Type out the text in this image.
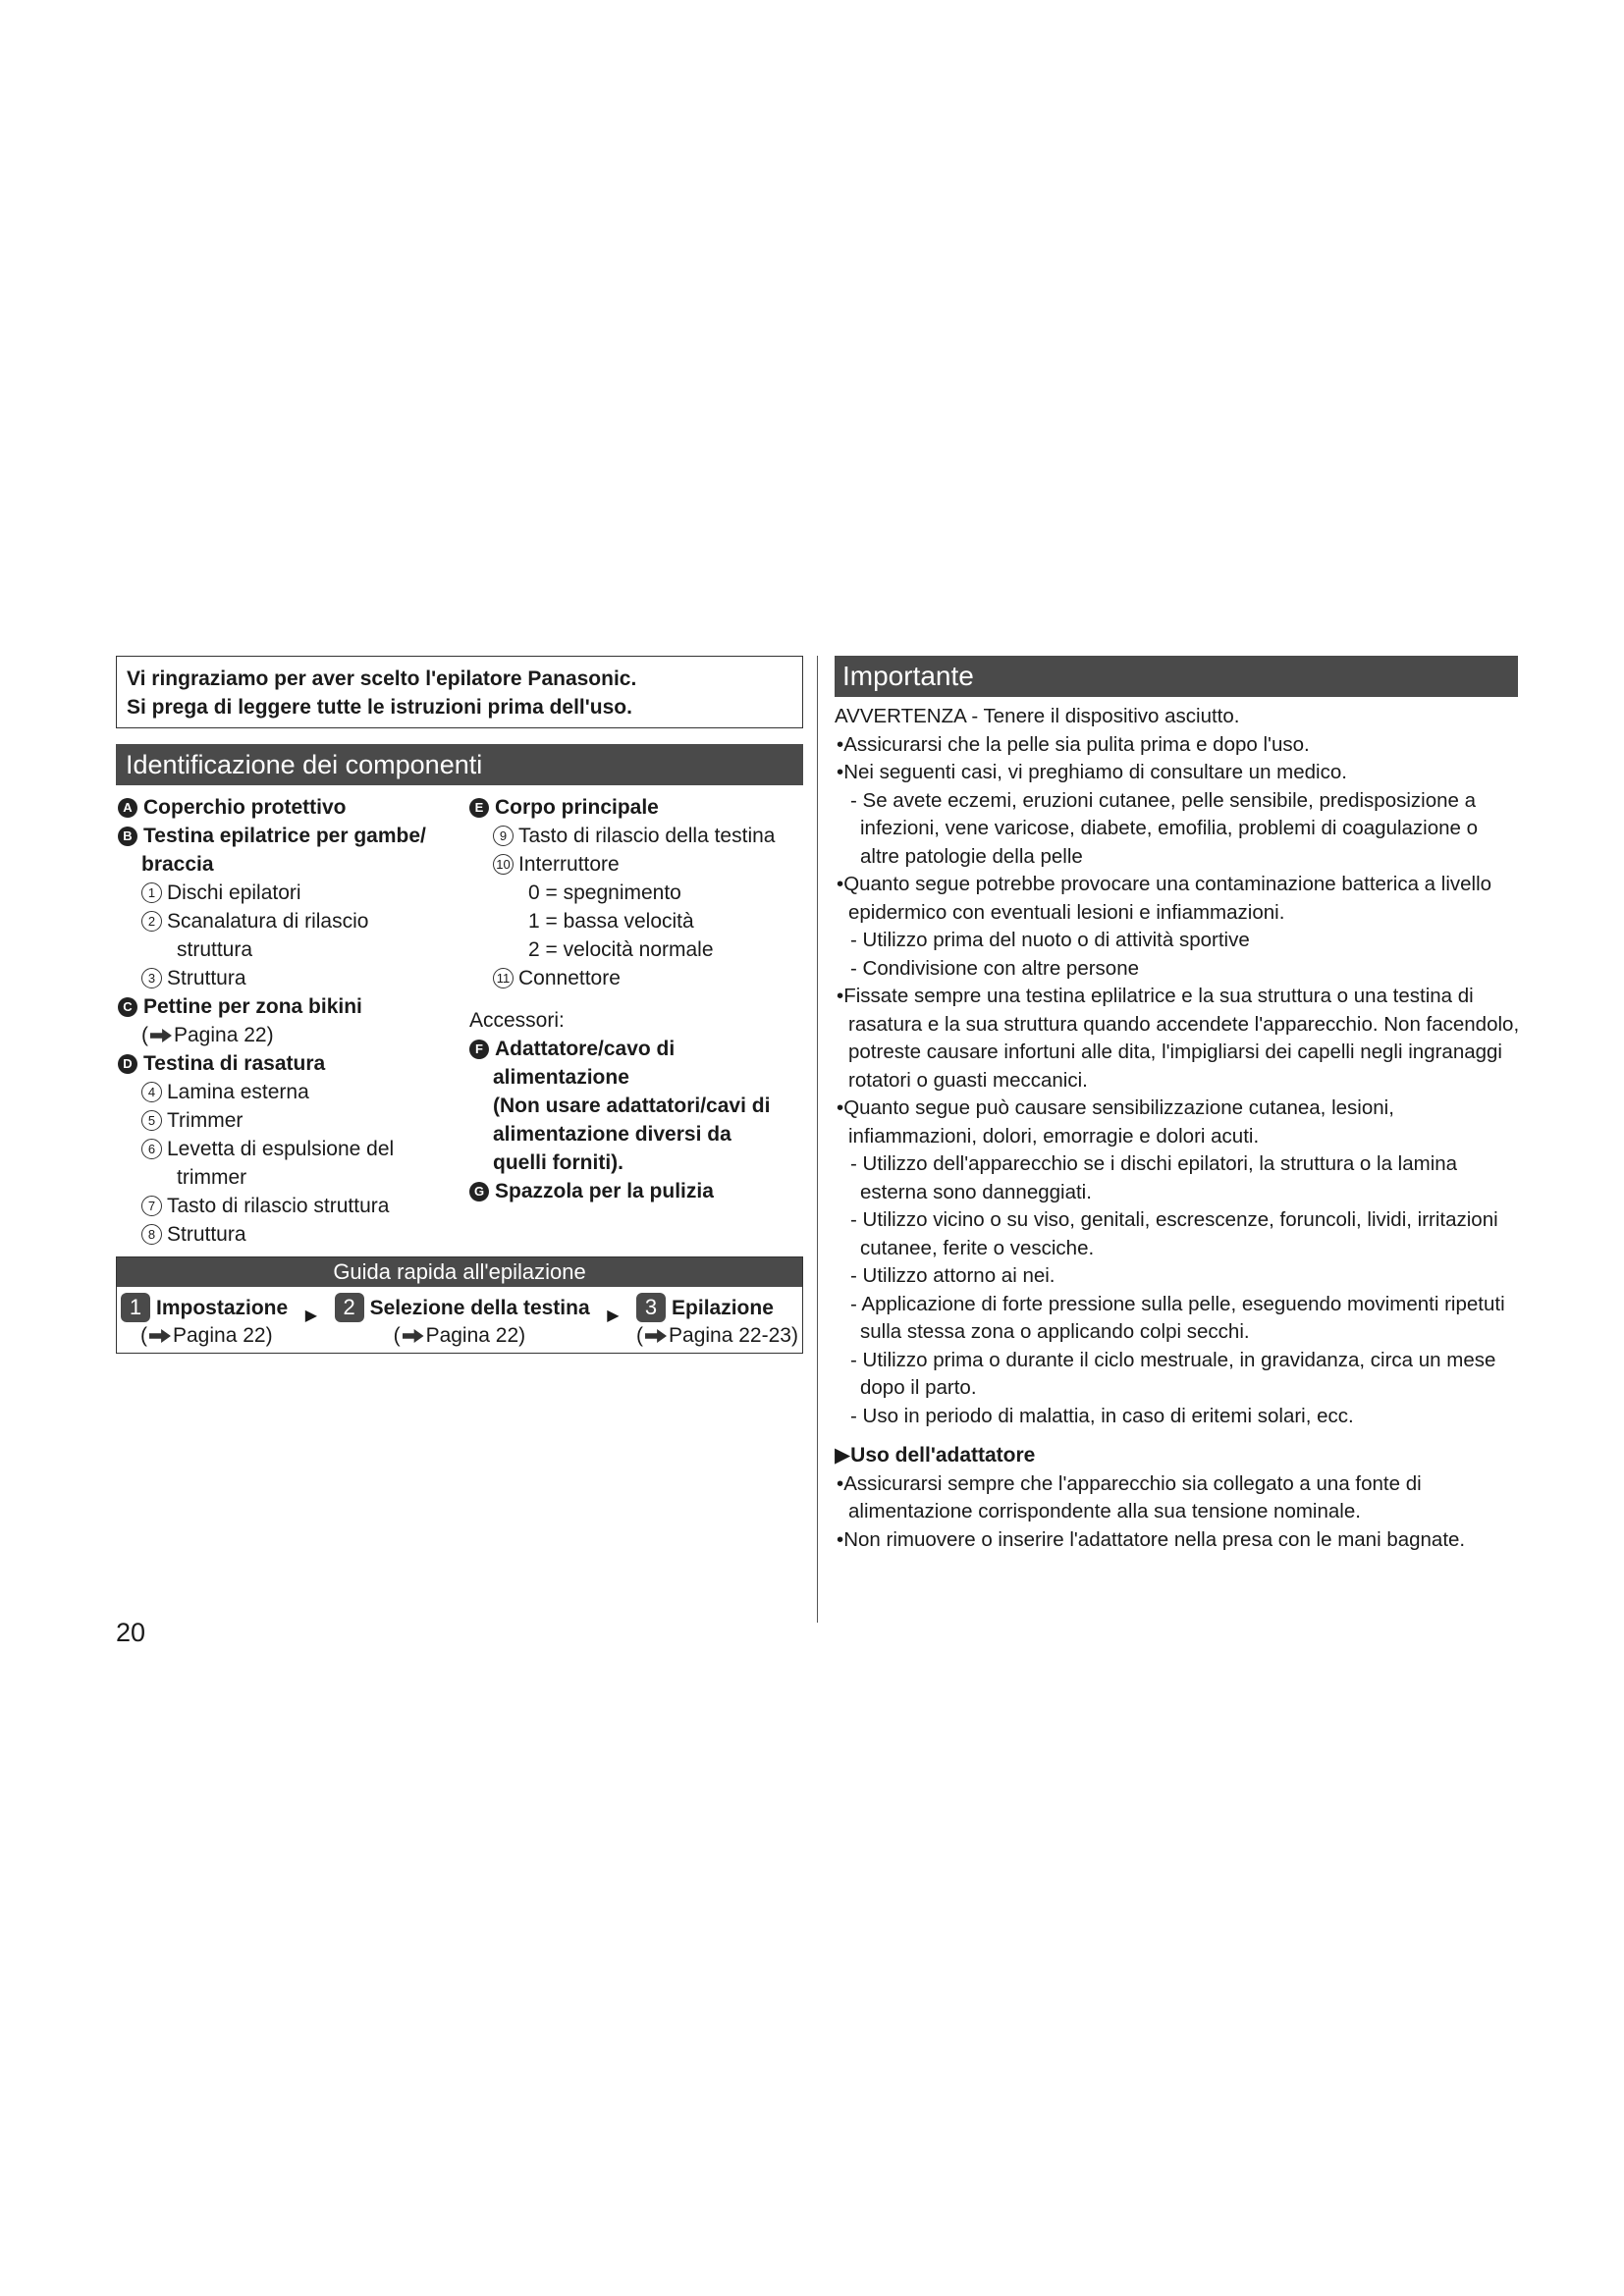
Vi ringraziamo per aver scelto l'epilatore Panasonic.
Si prega di leggere tutte le istruzioni prima dell'uso.
Identificazione dei componenti
A Coperchio protettivo
B Testina epilatrice per gambe/
braccia
1 Dischi epilatori
2 Scanalatura di rilascio
struttura
3 Struttura
C Pettine per zona bikini
( Pagina 22)
D Testina di rasatura
4 Lamina esterna
5 Trimmer
6 Levetta di espulsione del
trimmer
7 Tasto di rilascio struttura
8 Struttura
E Corpo principale
9 Tasto di rilascio della testina
10 Interruttore
0 = spegnimento
1 = bassa velocità
2 = velocità normale
11 Connettore
Accessori:
F Adattatore/cavo di
alimentazione
(Non usare adattatori/cavi di
alimentazione diversi da
quelli forniti).
G Spazzola per la pulizia
Guida rapida all'epilazione
1 Impostazione
( Pagina 22)
▶	2 Selezione della testina
( Pagina 22)
▶	3 Epilazione
( Pagina 22-23)
Importante
AVVERTENZA - Tenere il dispositivo asciutto.
•Assicurarsi che la pelle sia pulita prima e dopo l'uso.
•Nei seguenti casi, vi preghiamo di consultare un medico.
- Se avete eczemi, eruzioni cutanee, pelle sensibile, predisposizione a infezioni, vene varicose, diabete, emofilia, problemi di coagulazione o altre patologie della pelle
•Quanto segue potrebbe provocare una contaminazione batterica a livello epidermico con eventuali lesioni e infiammazioni.
- Utilizzo prima del nuoto o di attività sportive
- Condivisione con altre persone
•Fissate sempre una testina eplilatrice e la sua struttura o una testina di rasatura e la sua struttura quando accendete l'apparecchio. Non facendolo, potreste causare infortuni alle dita, l'impigliarsi dei capelli negli ingranaggi rotatori o guasti meccanici.
•Quanto segue può causare sensibilizzazione cutanea, lesioni, infiammazioni, dolori, emorragie e dolori acuti.
- Utilizzo dell'apparecchio se i dischi epilatori, la struttura o la lamina esterna sono danneggiati.
- Utilizzo vicino o su viso, genitali, escrescenze, foruncoli, lividi, irritazioni cutanee, ferite o vesciche.
- Utilizzo attorno ai nei.
- Applicazione di forte pressione sulla pelle, eseguendo movimenti ripetuti sulla stessa zona o applicando colpi secchi.
- Utilizzo prima o durante il ciclo mestruale, in gravidanza, circa un mese dopo il parto.
- Uso in periodo di malattia, in caso di eritemi solari, ecc.
▶Uso dell'adattatore
•Assicurarsi sempre che l'apparecchio sia collegato a una fonte di alimentazione corrispondente alla sua tensione nominale.
•Non rimuovere o inserire l'adattatore nella presa con le mani bagnate.
20
